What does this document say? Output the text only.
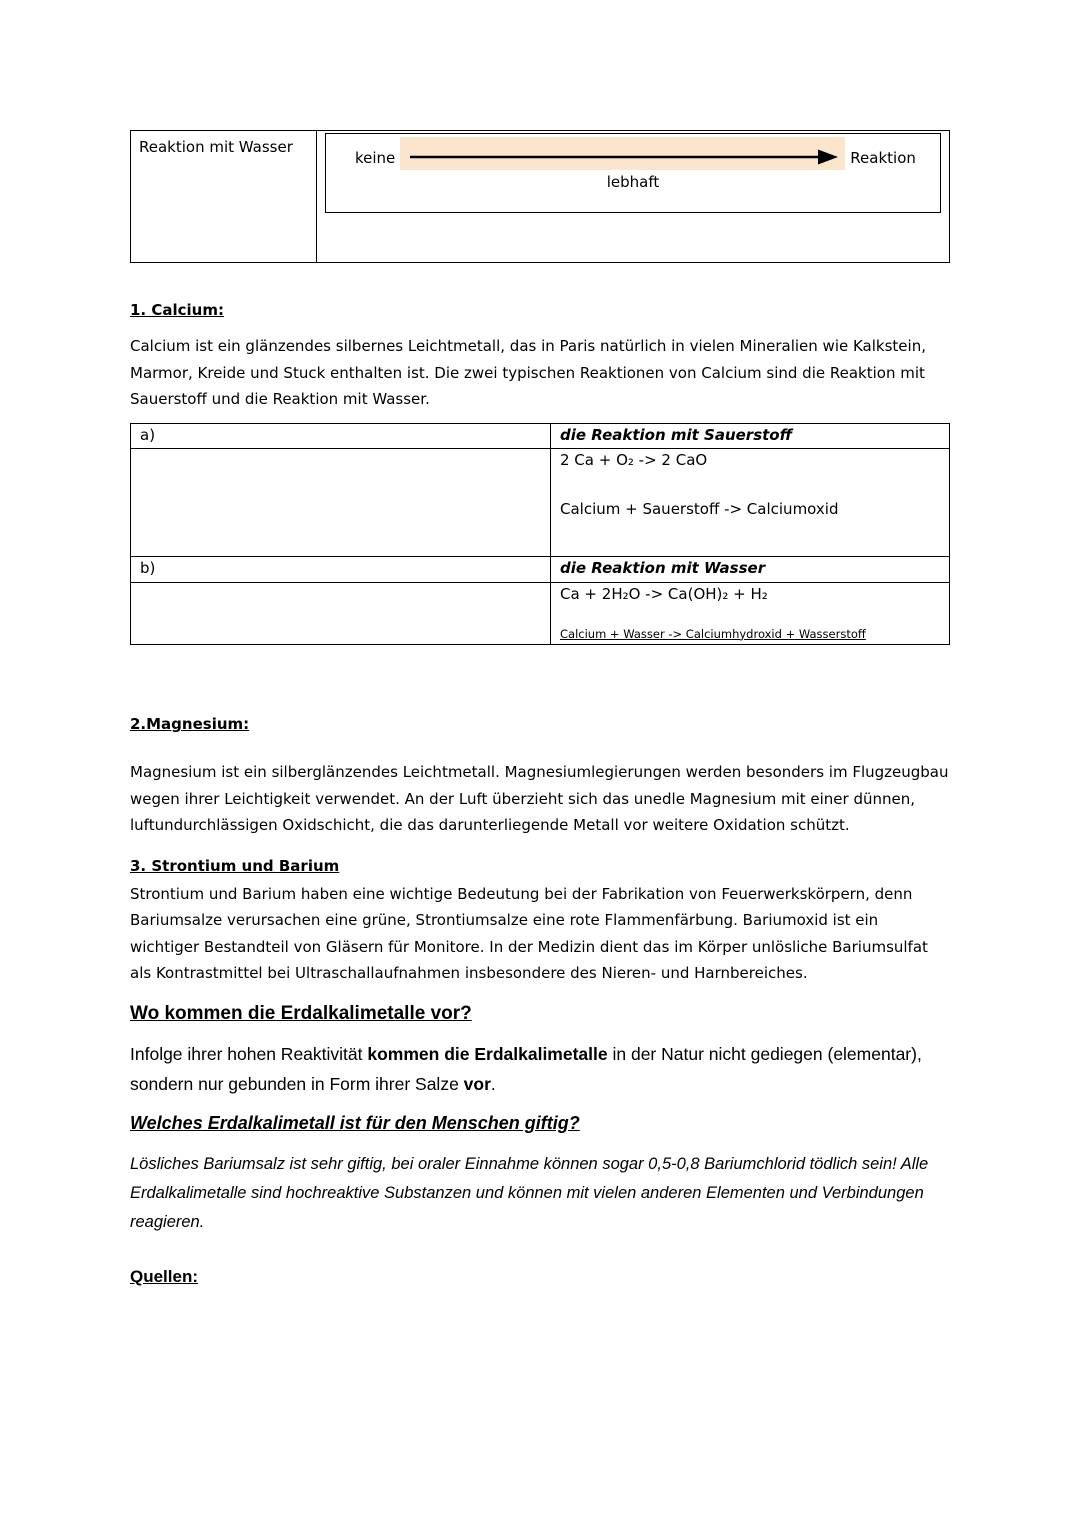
Reaktion mit Wasser
keine	Reaktion
lebhaft
1. Calcium:

Calcium ist ein glänzendes silbernes Leichtmetall, das in Paris natürlich in vielen Mineralien wie Kalkstein, Marmor, Kreide und Stuck enthalten ist. Die zwei typischen Reaktionen von Calcium sind die Reaktion mit Sauerstoff und die Reaktion mit Wasser.

a)	die Reaktion mit Sauerstoff

	2 Ca + O₂ -> 2 CaO
Calcium + Sauerstoff -> Calciumoxid

b)	die Reaktion mit Wasser

	Ca + 2H₂O -> Ca(OH)₂ + H₂
Calcium + Wasser -> Calciumhydroxid + Wasserstoff
2.Magnesium:

Magnesium ist ein silberglänzendes Leichtmetall. Magnesiumlegierungen werden besonders im Flugzeugbau wegen ihrer Leichtigkeit verwendet. An der Luft überzieht sich das unedle Magnesium mit einer dünnen, luftundurchlässigen Oxidschicht, die das darunterliegende Metall vor weitere Oxidation schützt.

3. Strontium und Barium

Strontium und Barium haben eine wichtige Bedeutung bei der Fabrikation von Feuerwerkskörpern, denn Bariumsalze verursachen eine grüne, Strontiumsalze eine rote Flammenfärbung. Bariumoxid ist ein wichtiger Bestandteil von Gläsern für Monitore. In der Medizin dient das im Körper unlösliche Bariumsulfat als Kontrastmittel bei Ultraschallaufnahmen insbesondere des Nieren- und Harnbereiches.

Wo kommen die Erdalkalimetalle vor?

Infolge ihrer hohen Reaktivität kommen die Erdalkalimetalle in der Natur nicht gediegen (elementar), sondern nur gebunden in Form ihrer Salze vor.

Welches Erdalkalimetall ist für den Menschen giftig?

Lösliches Bariumsalz ist sehr giftig, bei oraler Einnahme können sogar 0,5-0,8 Bariumchlorid tödlich sein! Alle Erdalkalimetalle sind hochreaktive Substanzen und können mit vielen anderen Elementen und Verbindungen reagieren.

Quellen:
